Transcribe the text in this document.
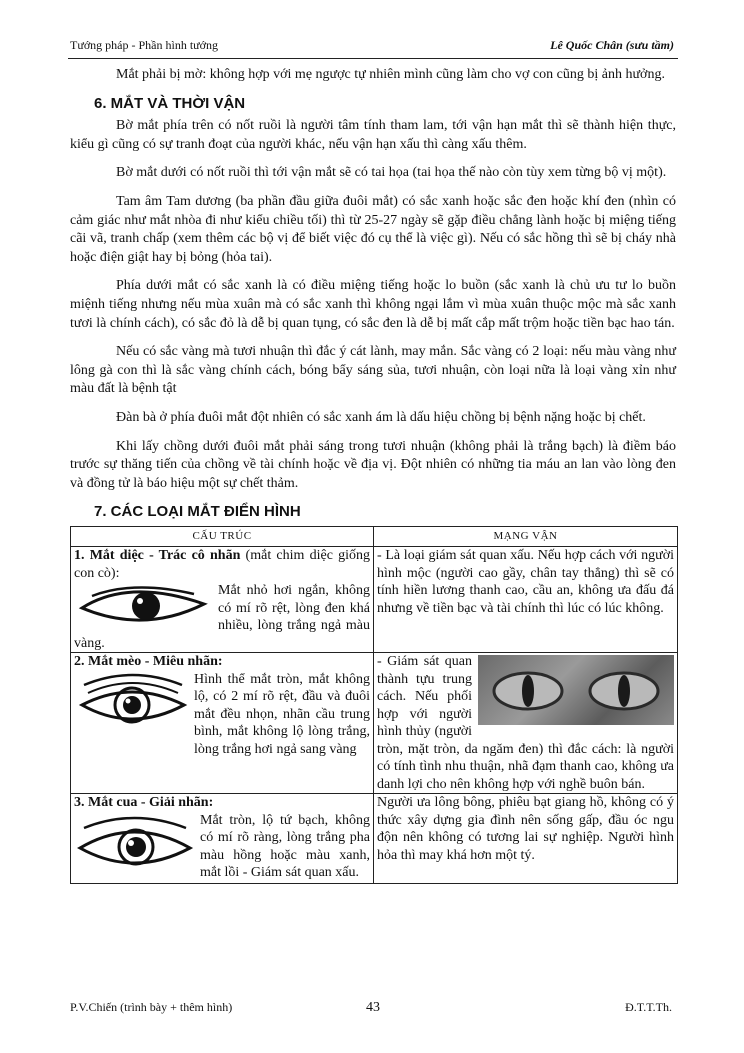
Tướng pháp - Phần hình tướng	Lê Quốc Chân (sưu tầm)

Mắt phải bị mờ: không hợp với mẹ ngược tự nhiên mình cũng làm cho vợ con cũng bị ảnh hưởng.

6. MẮT VÀ THỜI VẬN

Bờ mắt phía trên có nốt ruồi là người tâm tính tham lam, tới vận hạn mắt thì sẽ thành hiện thực, kiểu gì cũng có sự tranh đoạt của người khác, nếu vận hạn xấu thì càng xấu thêm.

Bờ mắt dưới có nốt ruồi thì tới vận mắt sẽ có tai họa (tai họa thế nào còn tùy xem từng bộ vị một).

Tam âm Tam dương (ba phần đầu giữa đuôi mắt) có sắc xanh hoặc sắc đen hoặc khí đen (nhìn có cảm giác như mắt nhòa đi như kiểu chiều tối) thì từ 25-27 ngày sẽ gặp điều chẳng lành hoặc bị miệng tiếng cãi vã, tranh chấp (xem thêm các bộ vị để biết việc đó cụ thể là việc gì). Nếu có sắc hồng thì sẽ bị cháy nhà hoặc điện giật hay bị bỏng (hỏa tai).

Phía dưới mắt có sắc xanh là có điều miệng tiếng hoặc lo buồn (sắc xanh là chủ ưu tư lo buồn miệnh tiếng nhưng nếu mùa xuân mà có sắc xanh thì không ngại lắm vì mùa xuân thuộc mộc mà sắc xanh tươi là chính cách), có sắc đỏ là dễ bị quan tụng, có sắc đen là dễ bị mất cắp mất trộm hoặc tiền bạc hao tán.

Nếu có sắc vàng mà tươi nhuận thì đắc ý cát lành, may mắn. Sắc vàng có 2 loại: nếu màu vàng như lông gà con thì là sắc vàng chính cách, bóng bẩy sáng sủa, tươi nhuận, còn loại nữa là loại vàng xỉn như màu đất là bệnh tật

Đàn bà ở phía đuôi mắt đột nhiên có sắc xanh ám là dấu hiệu chồng bị bệnh nặng hoặc bị chết.

Khi lấy chồng dưới đuôi mắt phải sáng trong tươi nhuận (không phải là trắng bạch) là điềm báo trước sự thăng tiến của chồng về tài chính hoặc về địa vị. Đột nhiên có những tia máu an lan vào lòng đen và đồng tử là báo hiệu một sự chết thảm.

7. CÁC LOẠI MẮT ĐIỂN HÌNH
CẤU TRÚC	MẠNG VẬN

1. Mắt diệc - Trác cô nhãn (mắt chim diệc giống con cò):
Mắt nhỏ hơi ngắn, không có mí rõ rệt, lòng đen khá nhiều, lòng trắng ngả màu vàng.	- Là loại giám sát quan xấu. Nếu hợp cách với người hình mộc (người cao gầy, chân tay thẳng) thì sẽ có tính hiền lương thanh cao, cầu an, không ưa đấu đá nhưng về tiền bạc và tài chính thì lúc có lúc không.

2. Mắt mèo - Miêu nhãn:
Hình thể mắt tròn, mắt không lộ, có 2 mí rõ rệt, đầu và đuôi mắt đều nhọn, nhãn cầu trung bình, mắt không lộ lòng trắng, lòng trắng hơi ngả sang vàng	- Giám sát quan thành tựu trung cách. Nếu phối hợp với người hình thủy (người tròn, mặt tròn, da ngăm đen) thì đắc cách: là người có tính tình nhu thuận, nhã đạm thanh cao, không ưa danh lợi cho nên không hợp với nghề buôn bán.

3. Mắt cua - Giải nhãn:
Mắt tròn, lộ tứ bạch, không có mí rõ ràng, lòng trắng pha màu hồng hoặc màu xanh, mắt lồi - Giám sát quan xấu.	Người ưa lông bông, phiêu bạt giang hồ, không có ý thức xây dựng gia đình nên sống gấp, đầu óc ngu độn nên không có tương lai sự nghiệp. Người hình hỏa thì may khá hơn một tý.
P.V.Chiến (trình bày + thêm hình)	43	Đ.T.T.Th.
